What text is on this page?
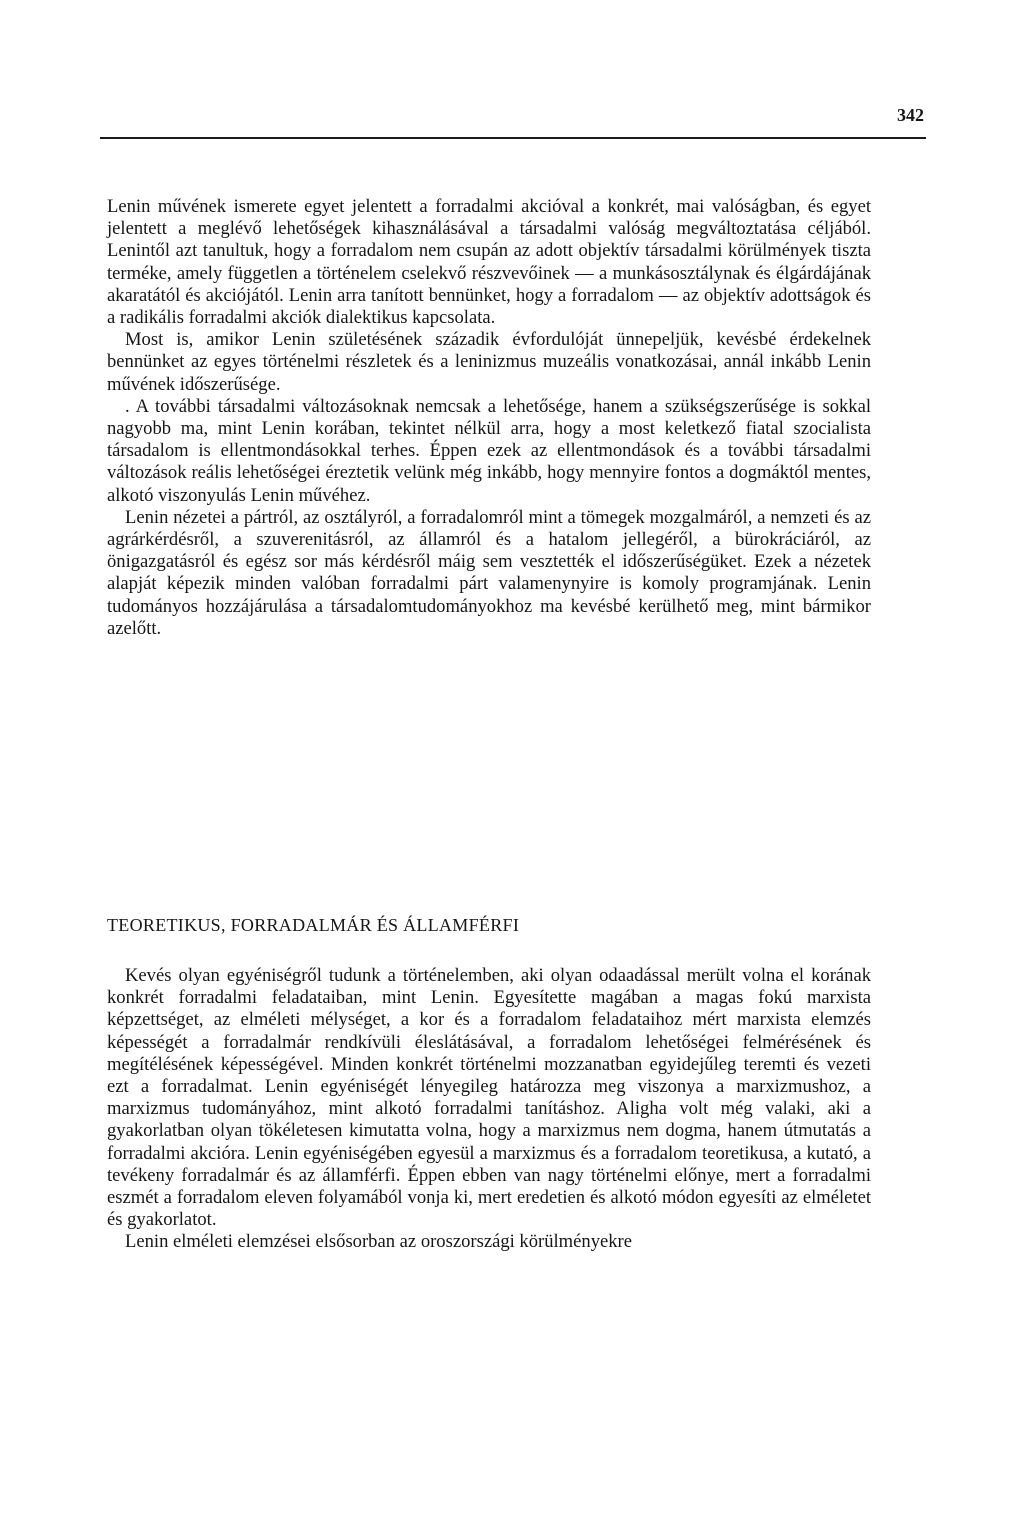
342

Lenin művének ismerete egyet jelentett a forradalmi akcióval a konkrét, mai valóságban, és egyet jelentett a meglévő lehetőségek kihasználásával a társadalmi valóság megváltoztatása céljából. Lenintől azt tanultuk, hogy a forradalom nem csupán az adott objektív társadalmi körülmények tiszta terméke, amely független a történelem cselekvő részvevőinek — a munkásosztálynak és élgárdájának akaratától és akciójától. Lenin arra tanított bennünket, hogy a forradalom — az objektív adottságok és a radikális forradalmi akciók dialektikus kapcsolata.

Most is, amikor Lenin születésének századik évfordulóját ünnepeljük, kevésbé érdekelnek bennünket az egyes történelmi részletek és a leninizmus muzeális vonatkozásai, annál inkább Lenin művének időszerűsége.

. A további társadalmi változásoknak nemcsak a lehetősége, hanem a szükségszerűsége is sokkal nagyobb ma, mint Lenin korában, tekintet nélkül arra, hogy a most keletkező fiatal szocialista társadalom is ellentmondásokkal terhes. Éppen ezek az ellentmondások és a további társadalmi változások reális lehetőségei éreztetik velünk még inkább, hogy mennyire fontos a dogmáktól mentes, alkotó viszonyulás Lenin művéhez.

Lenin nézetei a pártról, az osztályról, a forradalomról mint a tömegek mozgalmáról, a nemzeti és az agrárkérdésről, a szuverenitásról, az államról és a hatalom jellegéről, a bürokráciáról, az önigazgatásról és egész sor más kérdésről máig sem vesztették el időszerűségüket. Ezek a nézetek alapját képezik minden valóban forradalmi párt valamenynyire is komoly programjának. Lenin tudományos hozzájárulása a társadalomtudományokhoz ma kevésbé kerülhető meg, mint bármikor azelőtt.

TEORETIKUS, FORRADALMÁR ÉS ÁLLAMFÉRFI

Kevés olyan egyéniségről tudunk a történelemben, aki olyan odaadással merült volna el korának konkrét forradalmi feladataiban, mint Lenin. Egyesítette magában a magas fokú marxista képzettséget, az elméleti mélységet, a kor és a forradalom feladataihoz mért marxista elemzés képességét a forradalmár rendkívüli éleslátásával, a forradalom lehetőségei felmérésének és megítélésének képességével. Minden konkrét történelmi mozzanatban egyidejűleg teremti és vezeti ezt a forradalmat. Lenin egyéniségét lényegileg határozza meg viszonya a marxizmushoz, a marxizmus tudományához, mint alkotó forradalmi tanításhoz. Aligha volt még valaki, aki a gyakorlatban olyan tökéletesen kimutatta volna, hogy a marxizmus nem dogma, hanem útmutatás a forradalmi akcióra. Lenin egyéniségében egyesül a marxizmus és a forradalom teoretikusa, a kutató, a tevékeny forradalmár és az államférfi. Éppen ebben van nagy történelmi előnye, mert a forradalmi eszmét a forradalom eleven folyamából vonja ki, mert eredetien és alkotó módon egyesíti az elméletet és gyakorlatot.

Lenin elméleti elemzései elsősorban az oroszországi körülményekre
